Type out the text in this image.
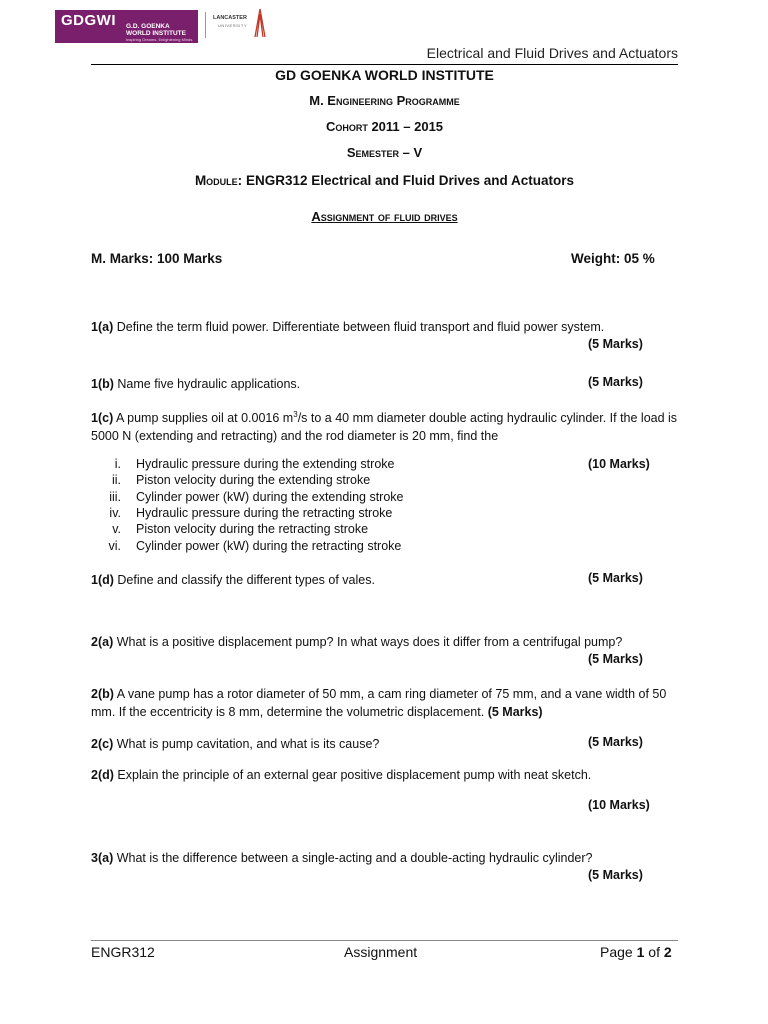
GDGWI G.D. GOENKA
WORLD INSTITUTE
Inspiring Dreams. Enlightening Minds.
LANCASTER
UNIVERSITY
Electrical and Fluid Drives and Actuators
GD GOENKA WORLD INSTITUTE
M. Engineering Programme
Cohort 2011 – 2015
Semester – V
Module: ENGR312 Electrical and Fluid Drives and Actuators
Assignment of fluid drives
M. Marks: 100 Marks	Weight: 05 %
1(a) Define the term fluid power. Differentiate between fluid transport and fluid power system.
(5 Marks)
1(b) Name five hydraulic applications.	(5 Marks)
1(c) A pump supplies oil at 0.0016 $m^3/s$ to a 40 mm diameter double acting hydraulic cylinder. If the load is 5000 N (extending and retracting) and the rod diameter is 20 mm, find the
(10 Marks)
i. Hydraulic pressure during the extending stroke
ii. Piston velocity during the extending stroke
iii. Cylinder power (kW) during the extending stroke
iv. Hydraulic pressure during the retracting stroke
v. Piston velocity during the retracting stroke
vi. Cylinder power (kW) during the retracting stroke
1(d) Define and classify the different types of vales.	(5 Marks)
2(a) What is a positive displacement pump? In what ways does it differ from a centrifugal pump?
(5 Marks)
2(b) A vane pump has a rotor diameter of 50 mm, a cam ring diameter of 75 mm, and a vane width of 50 mm. If the eccentricity is 8 mm, determine the volumetric displacement. (5 Marks)
2(c) What is pump cavitation, and what is its cause?	(5 Marks)
2(d) Explain the principle of an external gear positive displacement pump with neat sketch.
(10 Marks)
3(a) What is the difference between a single-acting and a double-acting hydraulic cylinder?
(5 Marks)
ENGR312	Assignment	Page 1 of 2
